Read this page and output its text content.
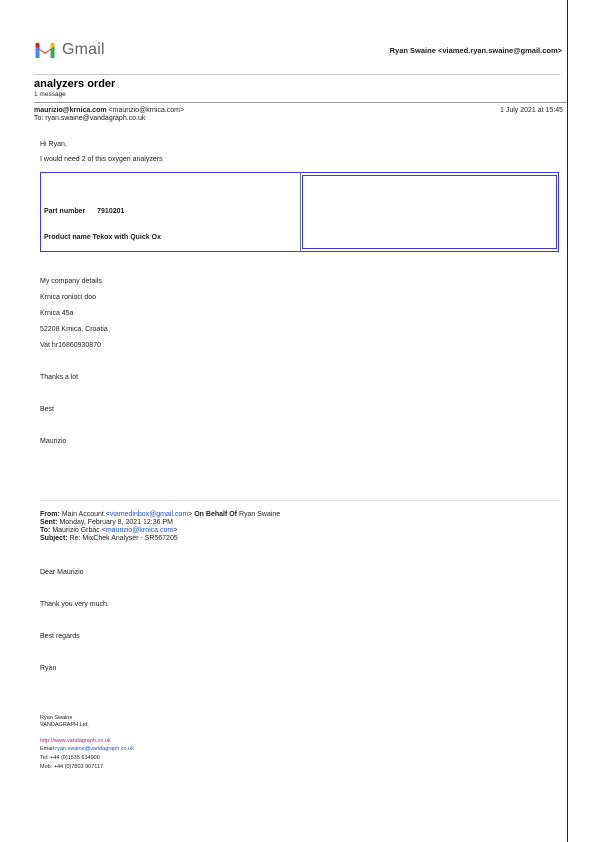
Gmail	Ryan Swaine <viamed.ryan.swaine@gmail.com>
analyzers order
1 message
maurizio@krnica.com <maurizio@krnica.com>
To: ryan.swaine@vandagraph.co.uk
1 July 2021 at 15:45
Hi Ryan,
I would need 2 of this oxygen analyzers
Part number 7910201
Product name Tekox with Quick Ox
My company details
Krnica ronioci doo
Krnica 45a
52208 Krnica, Croatia
Vat hr16860930870
Thanks a lot
Best
Maurizio
From: Main Account <viamedinbox@gmail.com> On Behalf Of Ryan Swaine
Sent: Monday, February 8, 2021 12:36 PM
To: Maurizio Grbac <maurizio@krnica.com>
Subject: Re: MixChek Analyser - SR567205
Dear Maurizio
Thank you very much.
Best regards
Ryan
Ryan Swaine
VANDAGRAPH Ltd.
http://www.vandagraph.co.uk
Email:ryan.swaine@vandagraph.co.uk
Tel: +44 (0)1535 634900
Mob: +44 (0)7803 907117
